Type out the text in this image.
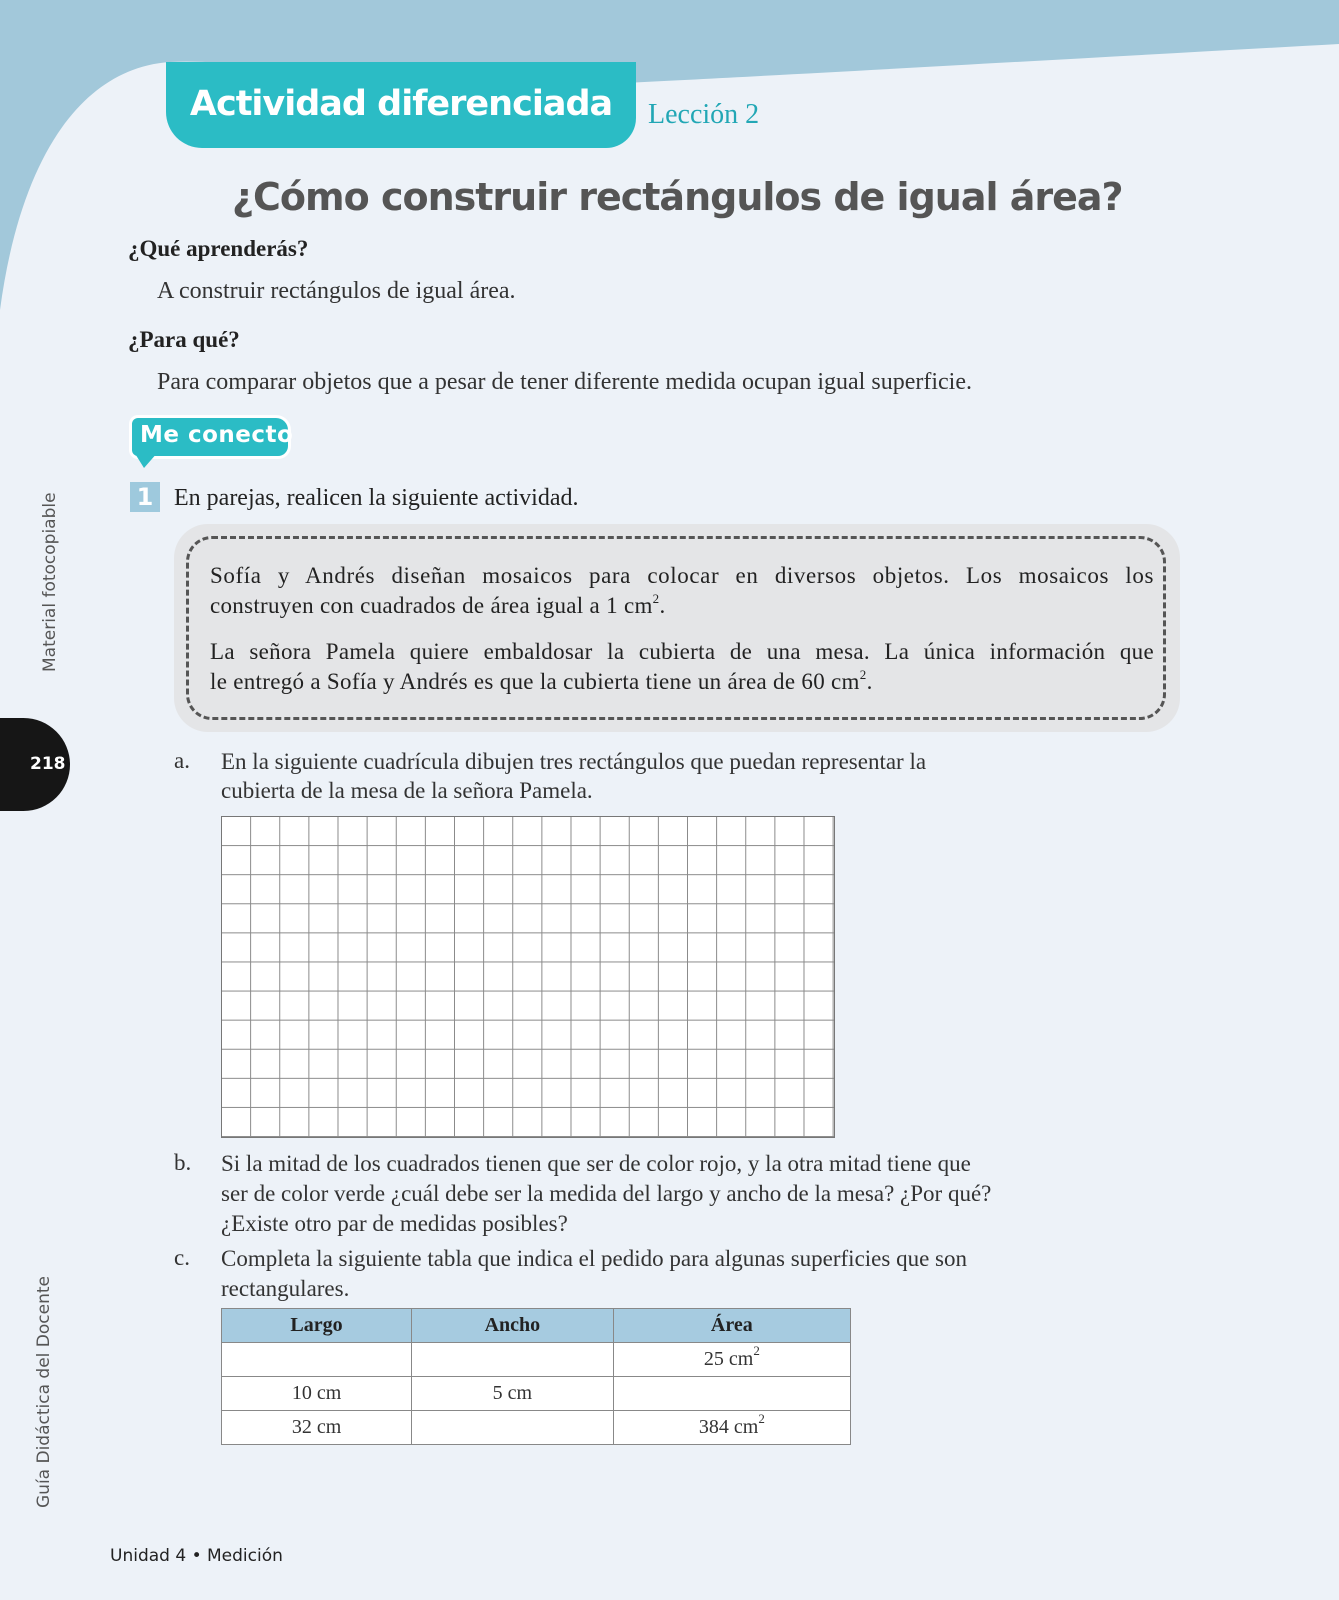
Actividad diferenciada	Lección 2
¿Cómo construir rectángulos de igual área?
¿Qué aprenderás?
A construir rectángulos de igual área.
¿Para qué?
Para comparar objetos que a pesar de tener diferente medida ocupan igual superficie.
Me conecto
1 En parejas, realicen la siguiente actividad.

Sofía y Andrés diseñan mosaicos para colocar en diversos objetos. Los mosaicos los

construyen con cuadrados de área igual a 1 $cm^2$.

La señora Pamela quiere embaldosar la cubierta de una mesa. La única información que

le entregó a Sofía y Andrés es que la cubierta tiene un área de 60 $cm^2$.

a. En la siguiente cuadrícula dibujen tres rectángulos que puedan representar la
cubierta de la mesa de la señora Pamela.
b. Si la mitad de los cuadrados tienen que ser de color rojo, y la otra mitad tiene que
ser de color verde ¿cuál debe ser la medida del largo y ancho de la mesa? ¿Por qué?
¿Existe otro par de medidas posibles?
c. Completa la siguiente tabla que indica el pedido para algunas superficies que son
rectangulares.
Largo	Ancho	Área
		25 $cm^2$
10 cm	5 cm	
32 cm		384 $cm^2$
Material fotocopiable
218
Guía Didáctica del Docente
Unidad 4 • Medición
